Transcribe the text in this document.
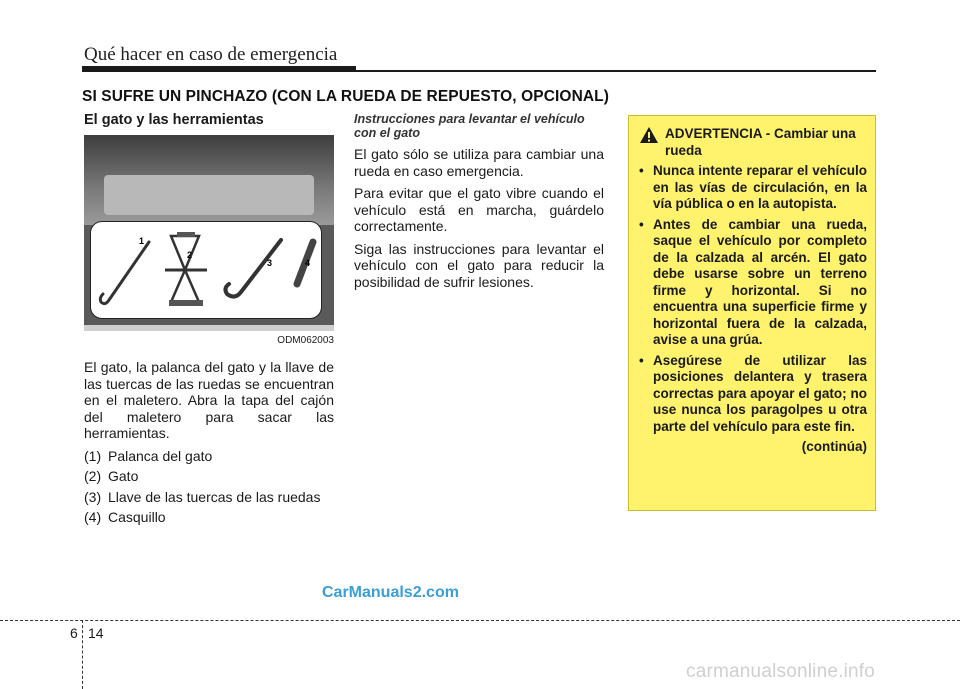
Qué hacer en caso de emergencia
SI SUFRE UN PINCHAZO (CON LA RUEDA DE REPUESTO, OPCIONAL)
El gato y las herramientas
1
2
3	4
ODM062003
El gato, la palanca del gato y la llave de las tuercas de las ruedas se encuentran en el maletero. Abra la tapa del cajón del maletero para sacar las herramientas.
(1) Palanca del gato
(2) Gato
(3) Llave de las tuercas de las ruedas
(4) Casquillo
Instrucciones para levantar el vehículo con el gato
El gato sólo se utiliza para cambiar una rueda en caso emergencia.
Para evitar que el gato vibre cuando el vehículo está en marcha, guárdelo correctamente.
Siga las instrucciones para levantar el vehículo con el gato para reducir la posibilidad de sufrir lesiones.
ADVERTENCIA - Cambiar una rueda
• Nunca intente reparar el vehículo en las vías de circulación, en la vía pública o en la autopista.
• Antes de cambiar una rueda, saque el vehículo por completo de la calzada al arcén. El gato debe usarse sobre un terreno firme y horizontal. Si no encuentra una superficie firme y horizontal fuera de la calzada, avise a una grúa.
• Asegúrese de utilizar las posiciones delantera y trasera correctas para apoyar el gato; no use nunca los paragolpes u otra parte del vehículo para este fin.
(continúa)
CarManuals2.com
6 14
carmanualsonline.info
